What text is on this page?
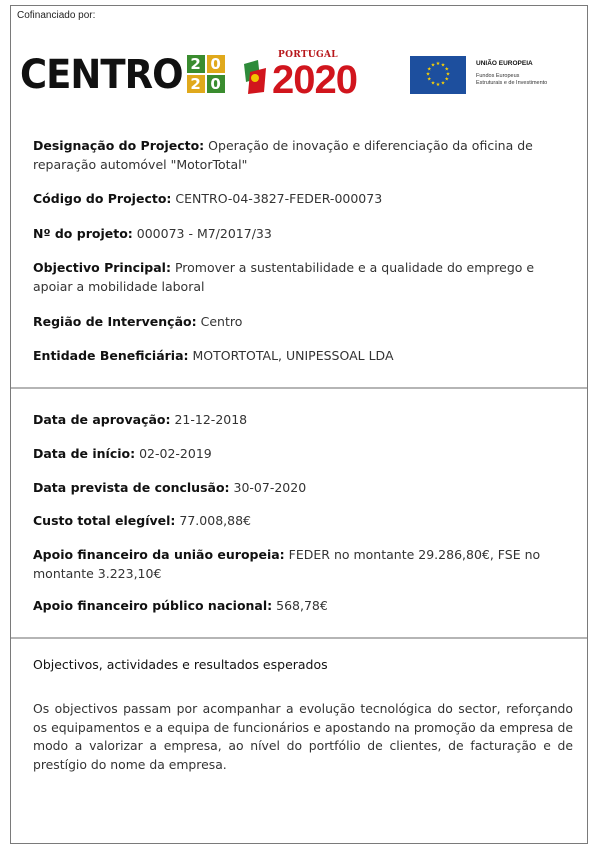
Cofinanciado por:
CENTRO 2 0
2 0
PORTUGAL
2020	★ ★
★
★
★
★
★
★
★
★
★
★	UNIÃO EUROPEIA
Fundos Europeus
Estruturais e de Investimento
Designação do Projecto: Operação de inovação e diferenciação da oficina de reparação automóvel "MotorTotal"
Código do Projecto: CENTRO-04-3827-FEDER-000073
Nº do projeto: 000073 - M7/2017/33
Objectivo Principal: Promover a sustentabilidade e a qualidade do emprego e apoiar a mobilidade laboral
Região de Intervenção: Centro
Entidade Beneficiária: MOTORTOTAL, UNIPESSOAL LDA
Data de aprovação: 21-12-2018
Data de início: 02-02-2019
Data prevista de conclusão: 30-07-2020
Custo total elegível: 77.008,88€
Apoio financeiro da união europeia: FEDER no montante 29.286,80€, FSE no montante 3.223,10€
Apoio financeiro público nacional: 568,78€
Objectivos, actividades e resultados esperados
Os objectivos passam por acompanhar a evolução tecnológica do sector, reforçando os equipamentos e a equipa de funcionários e apostando na promoção da empresa de modo a valorizar a empresa, ao nível do portfólio de clientes, de facturação e de prestígio do nome da empresa.
